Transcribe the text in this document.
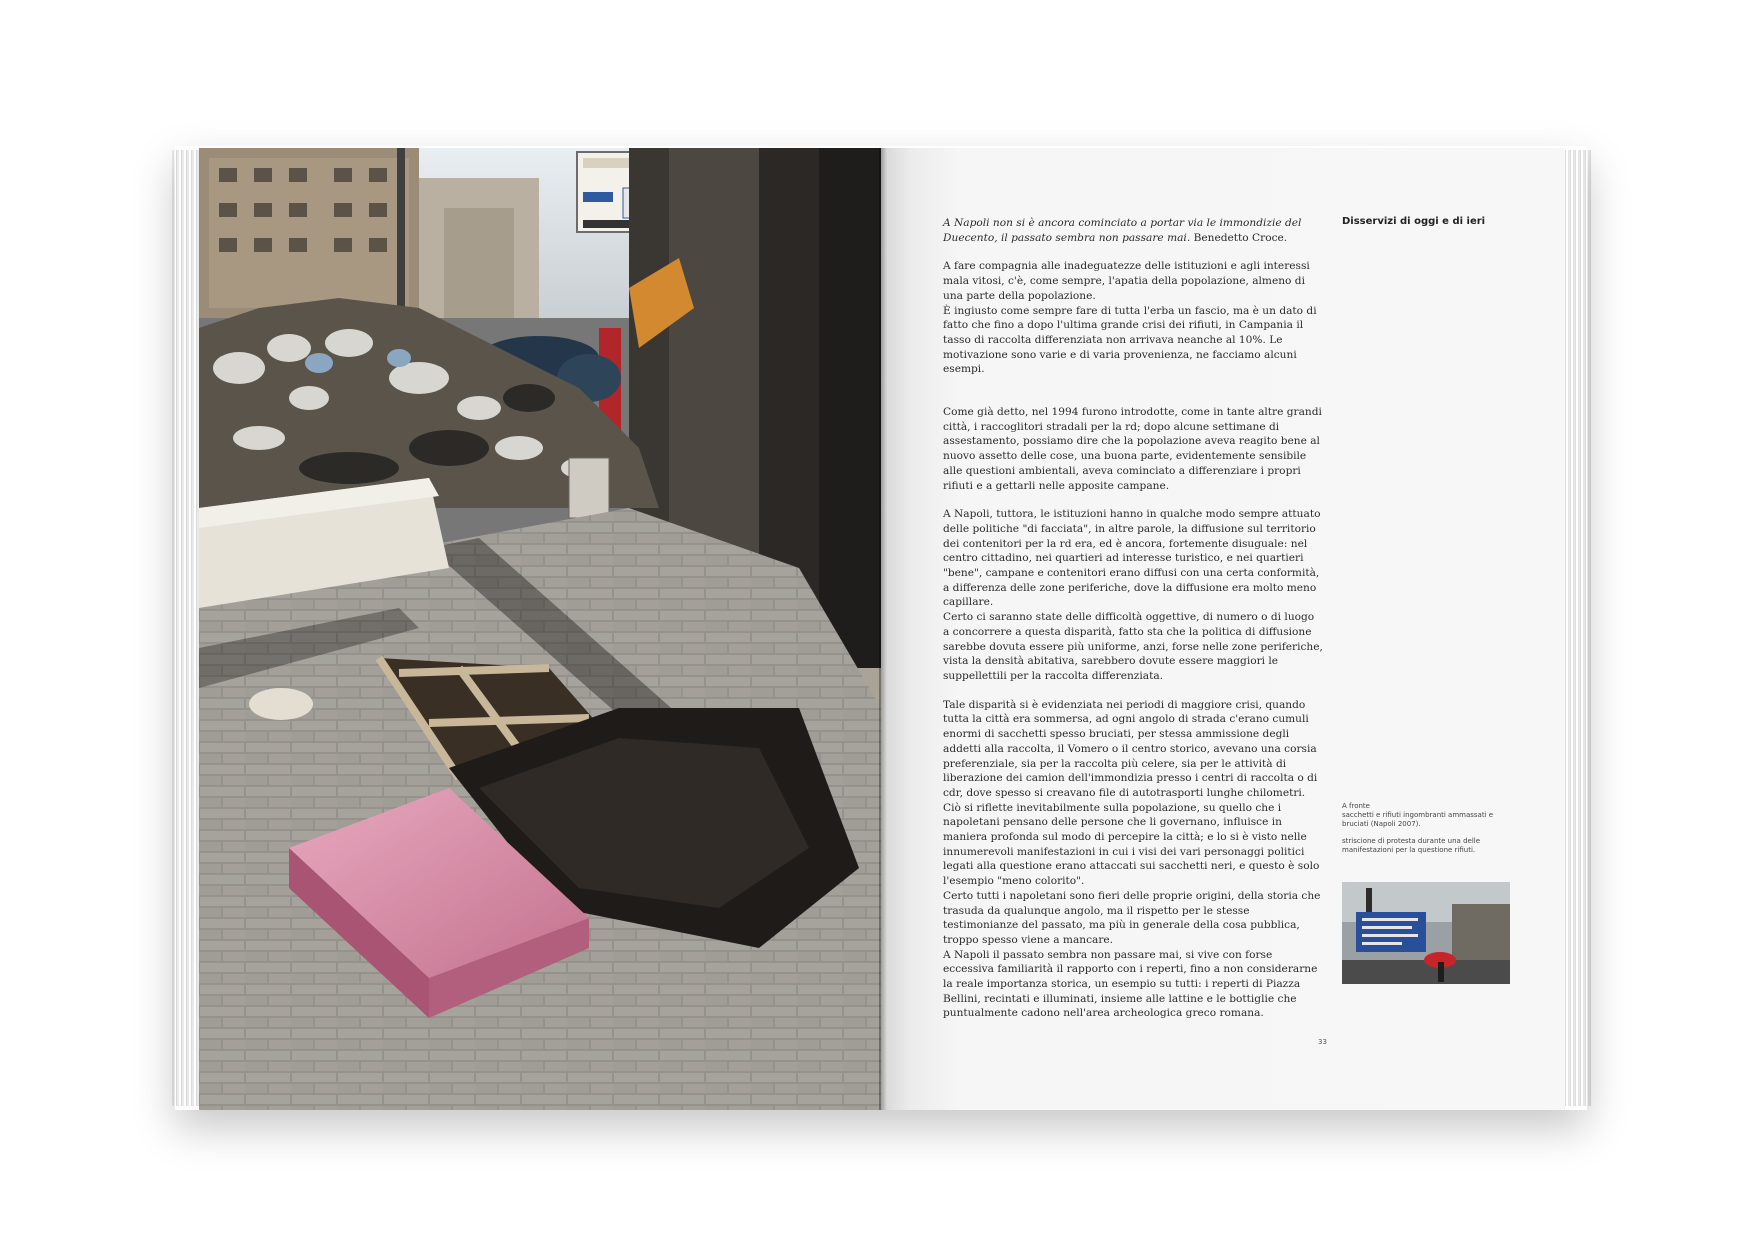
A Napoli non si è ancora cominciato a portar via le immondizie del Duecento, il passato sembra non passare mai. Benedetto Croce.

A fare compagnia alle inadeguatezze delle istituzioni e agli interessi mala vitosi, c'è, come sempre, l'apatia della popolazione, almeno di una parte della popolazione.

È ingiusto come sempre fare di tutta l'erba un fascio, ma è un dato di fatto che fino a dopo l'ultima grande crisi dei rifiuti, in Campania il tasso di raccolta differenziata non arrivava neanche al 10%. Le motivazione sono varie e di varia provenienza, ne facciamo alcuni esempi.

Come già detto, nel 1994 furono introdotte, come in tante altre grandi città, i raccoglitori stradali per la rd; dopo alcune settimane di assestamento, possiamo dire che la popolazione aveva reagito bene al nuovo assetto delle cose, una buona parte, evidentemente sensibile alle questioni ambientali, aveva cominciato a differenziare i propri rifiuti e a gettarli nelle apposite campane.

A Napoli, tuttora, le istituzioni hanno in qualche modo sempre attuato delle politiche "di facciata", in altre parole, la diffusione sul territorio dei contenitori per la rd era, ed è ancora, fortemente disuguale: nel centro cittadino, nei quartieri ad interesse turistico, e nei quartieri "bene", campane e contenitori erano diffusi con una certa conformità, a differenza delle zone periferiche, dove la diffusione era molto meno capillare.

Certo ci saranno state delle difficoltà oggettive, di numero o di luogo a concorrere a questa disparità, fatto sta che la politica di diffusione sarebbe dovuta essere più uniforme, anzi, forse nelle zone periferiche, vista la densità abitativa, sarebbero dovute essere maggiori le suppellettili per la raccolta differenziata.

Tale disparità si è evidenziata nei periodi di maggiore crisi, quando tutta la città era sommersa, ad ogni angolo di strada c'erano cumuli enormi di sacchetti spesso bruciati, per stessa ammissione degli addetti alla raccolta, il Vomero o il centro storico, avevano una corsia preferenziale, sia per la raccolta più celere, sia per le attività di liberazione dei camion dell'immondizia presso i centri di raccolta o di cdr, dove spesso si creavano file di autotrasporti lunghe chilometri.

Ciò si riflette inevitabilmente sulla popolazione, su quello che i napoletani pensano delle persone che li governano, influisce in maniera profonda sul modo di percepire la città; e lo si è visto nelle innumerevoli manifestazioni in cui i visi dei vari personaggi politici legati alla questione erano attaccati sui sacchetti neri, e questo è solo l'esempio "meno colorito".

Certo tutti i napoletani sono fieri delle proprie origini, della storia che trasuda da qualunque angolo, ma il rispetto per le stesse testimonianze del passato, ma più in generale della cosa pubblica, troppo spesso viene a mancare.

A Napoli il passato sembra non passare mai, si vive con forse eccessiva familiarità il rapporto con i reperti, fino a non considerarne la reale importanza storica, un esempio su tutti: i reperti di Piazza Bellini, recintati e illuminati, insieme alle lattine e le bottiglie che puntualmente cadono nell'area archeologica greco romana.

Disservizi di oggi e di ieri

A fronte
sacchetti e rifiuti ingombranti ammassati e bruciati (Napoli 2007).

striscione di protesta durante una delle manifestazioni per la questione rifiuti.

33
